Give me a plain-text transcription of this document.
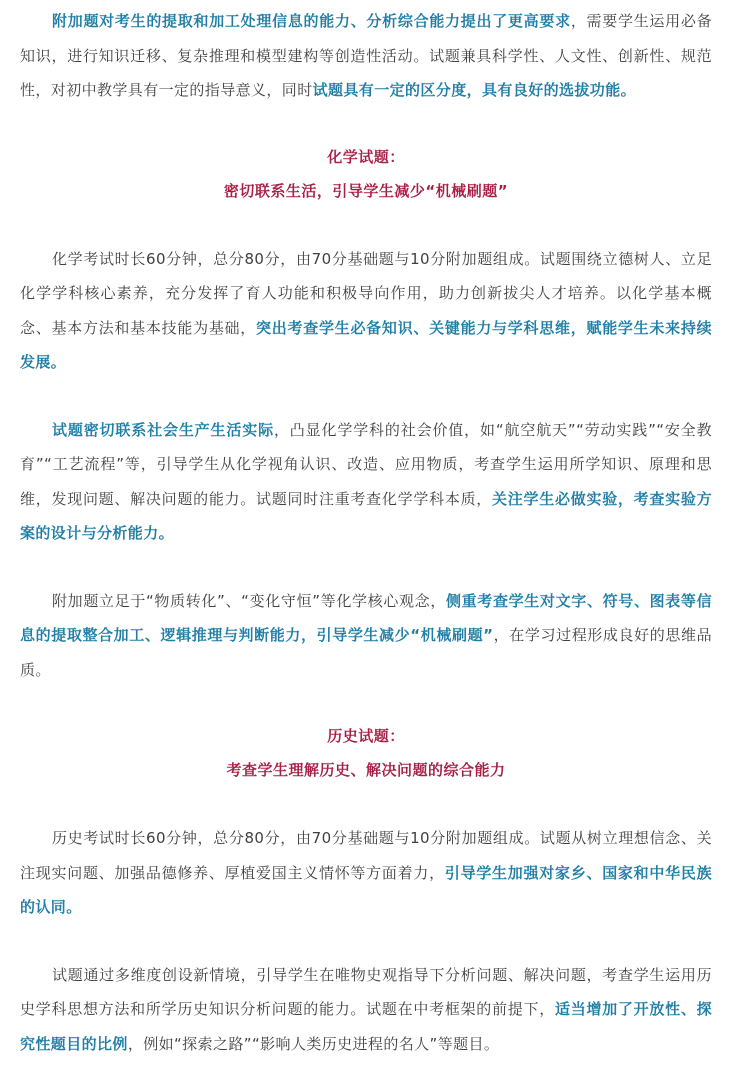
附加题对考生的提取和加工处理信息的能力、分析综合能力提出了更高要求，需要学生运用必备知识，进行知识迁移、复杂推理和模型建构等创造性活动。试题兼具科学性、人文性、创新性、规范性，对初中教学具有一定的指导意义，同时试题具有一定的区分度，具有良好的选拔功能。

化学试题：
密切联系生活，引导学生减少“机械刷题”

化学考试时长60分钟，总分80分，由70分基础题与10分附加题组成。试题围绕立德树人、立足化学学科核心素养，充分发挥了育人功能和积极导向作用，助力创新拔尖人才培养。以化学基本概念、基本方法和基本技能为基础，突出考查学生必备知识、关键能力与学科思维，赋能学生未来持续发展。

试题密切联系社会生产生活实际，凸显化学学科的社会价值，如“航空航天”“劳动实践”“安全教育”“工艺流程”等，引导学生从化学视角认识、改造、应用物质，考查学生运用所学知识、原理和思维，发现问题、解决问题的能力。试题同时注重考查化学学科本质，关注学生必做实验，考查实验方案的设计与分析能力。

附加题立足于“物质转化”、“变化守恒”等化学核心观念，侧重考查学生对文字、符号、图表等信息的提取整合加工、逻辑推理与判断能力，引导学生减少“机械刷题”，在学习过程形成良好的思维品质。

历史试题：
考查学生理解历史、解决问题的综合能力

历史考试时长60分钟，总分80分，由70分基础题与10分附加题组成。试题从树立理想信念、关注现实问题、加强品德修养、厚植爱国主义情怀等方面着力，引导学生加强对家乡、国家和中华民族的认同。

试题通过多维度创设新情境，引导学生在唯物史观指导下分析问题、解决问题，考查学生运用历史学科思想方法和所学历史知识分析问题的能力。试题在中考框架的前提下，适当增加了开放性、探究性题目的比例，例如“探索之路”“影响人类历史进程的名人”等题目。
